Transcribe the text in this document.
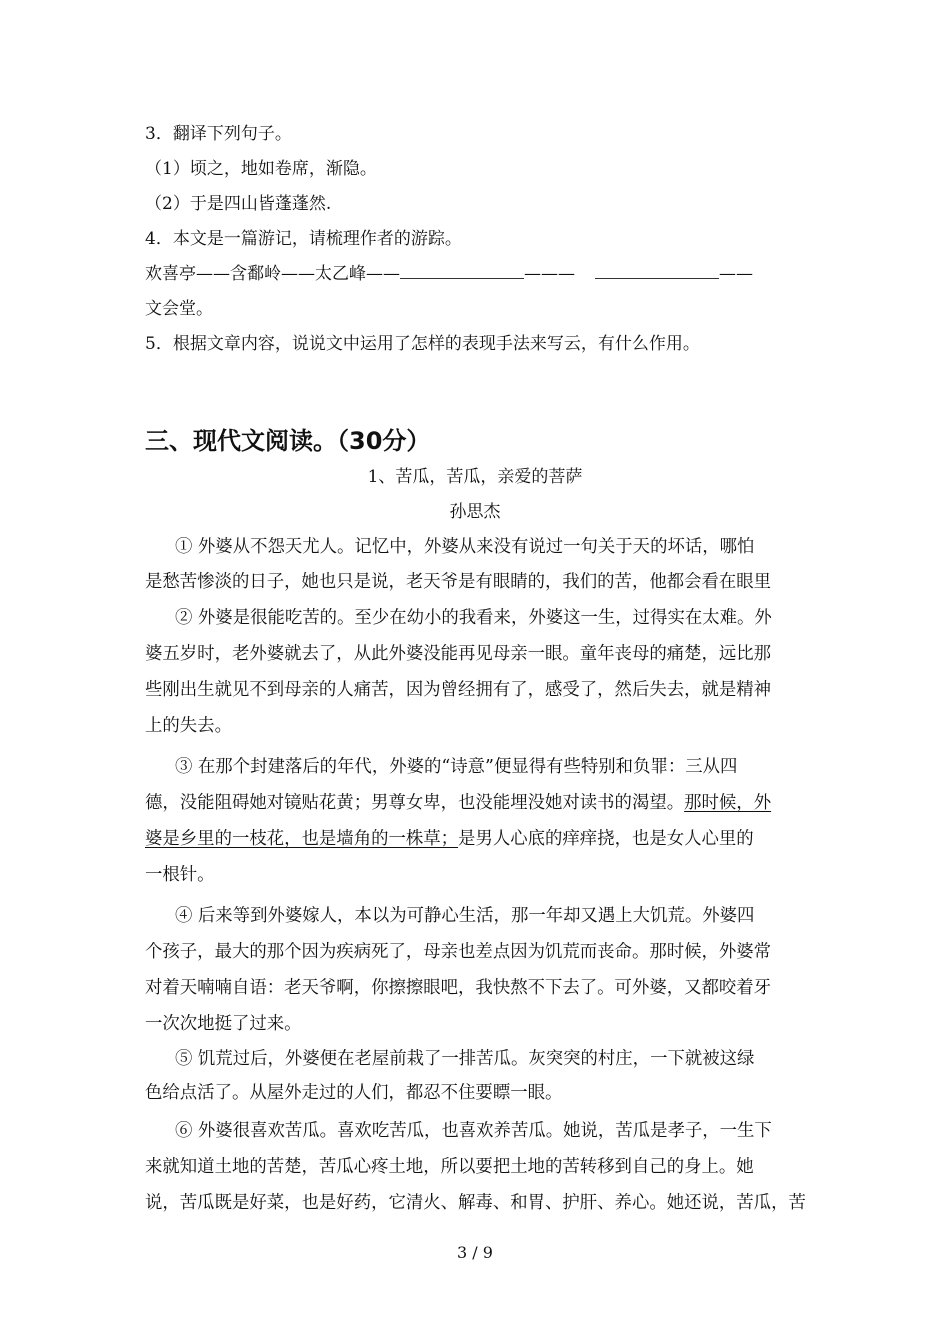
3．翻译下列句子。
（1）顷之，地如卷席，渐隐。
（2）于是四山皆蓬蓬然.
4．本文是一篇游记，请梳理作者的游踪。
欢喜亭——含鄱岭——太乙峰——	———	——
文会堂。
5．根据文章内容，说说文中运用了怎样的表现手法来写云，有什么作用。
三、现代文阅读。（30分）
1、苦瓜，苦瓜，亲爱的菩萨
孙思杰
① 外婆从不怨天尤人。记忆中，外婆从来没有说过一句关于天的坏话，哪怕
是愁苦惨淡的日子，她也只是说，老天爷是有眼睛的，我们的苦，他都会看在眼里
② 外婆是很能吃苦的。至少在幼小的我看来，外婆这一生，过得实在太难。外
婆五岁时，老外婆就去了，从此外婆没能再见母亲一眼。童年丧母的痛楚，远比那
些刚出生就见不到母亲的人痛苦，因为曾经拥有了，感受了，然后失去，就是精神
上的失去。
③ 在那个封建落后的年代，外婆的“诗意”便显得有些特别和负罪：三从四
德，没能阻碍她对镜贴花黄；男尊女卑，也没能埋没她对读书的渴望。那时候，外
婆是乡里的一枝花，也是墙角的一株草；是男人心底的痒痒挠，也是女人心里的
一根针。
④ 后来等到外婆嫁人，本以为可静心生活，那一年却又遇上大饥荒。外婆四
个孩子，最大的那个因为疾病死了，母亲也差点因为饥荒而丧命。那时候，外婆常
对着天喃喃自语：老天爷啊，你擦擦眼吧，我快熬不下去了。可外婆，又都咬着牙
一次次地挺了过来。
⑤ 饥荒过后，外婆便在老屋前栽了一排苦瓜。灰突突的村庄，一下就被这绿
色给点活了。从屋外走过的人们，都忍不住要瞟一眼。
⑥ 外婆很喜欢苦瓜。喜欢吃苦瓜，也喜欢养苦瓜。她说，苦瓜是孝子，一生下
来就知道土地的苦楚，苦瓜心疼土地，所以要把土地的苦转移到自己的身上。她
说，苦瓜既是好菜，也是好药，它清火、解毒、和胃、护肝、养心。她还说，苦瓜，苦
3 / 9
